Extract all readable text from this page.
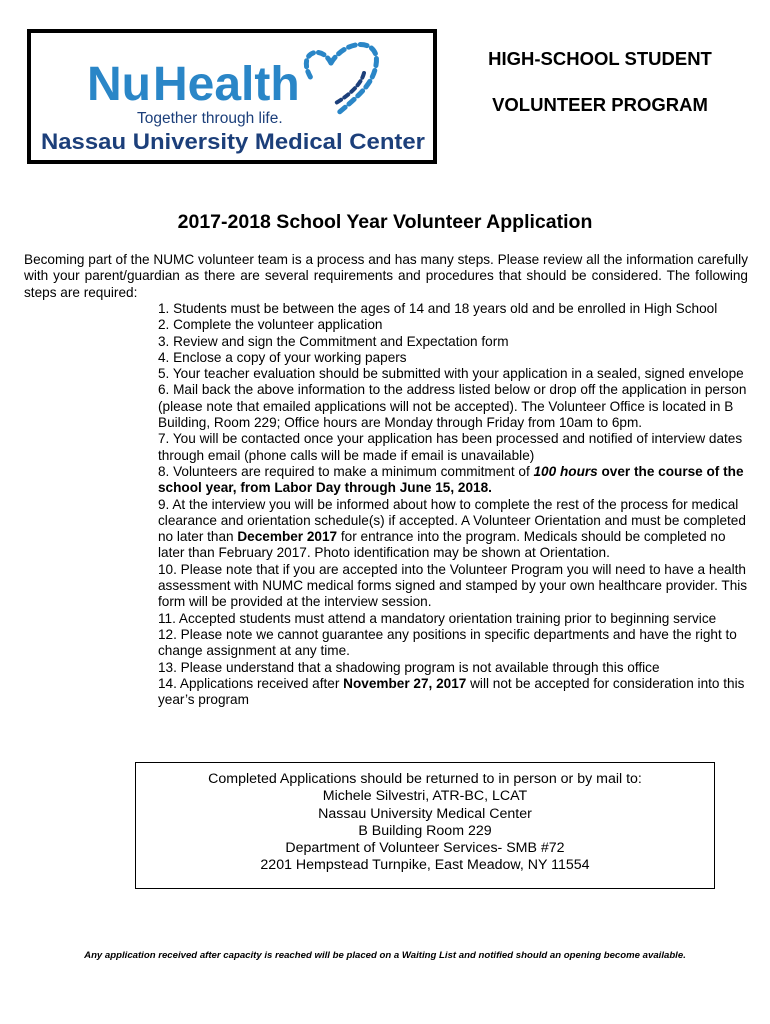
Nu Health
Together through life.
Nassau University Medical Center
HIGH-SCHOOL STUDENT
VOLUNTEER PROGRAM
2017-2018 School Year Volunteer Application
Becoming part of the NUMC volunteer team is a process and has many steps. Please review all the information carefully with your parent/guardian as there are several requirements and procedures that should be considered. The following steps are required:

1. Students must be between the ages of 14 and 18 years old and be enrolled in High School

2. Complete the volunteer application

3. Review and sign the Commitment and Expectation form

4. Enclose a copy of your working papers

5. Your teacher evaluation should be submitted with your application in a sealed, signed envelope

6. Mail back the above information to the address listed below or drop off the application in person (please note that emailed applications will not be accepted). The Volunteer Office is located in B Building, Room 229; Office hours are Monday through Friday from 10am to 6pm.

7. You will be contacted once your application has been processed and notified of interview dates through email (phone calls will be made if email is unavailable)

8. Volunteers are required to make a minimum commitment of 100 hours over the course of the school year, from Labor Day through June 15, 2018.

9. At the interview you will be informed about how to complete the rest of the process for medical clearance and orientation schedule(s) if accepted. A Volunteer Orientation and must be completed no later than December 2017 for entrance into the program. Medicals should be completed no later than February 2017. Photo identification may be shown at Orientation.

10. Please note that if you are accepted into the Volunteer Program you will need to have a health assessment with NUMC medical forms signed and stamped by your own healthcare provider. This form will be provided at the interview session.

11. Accepted students must attend a mandatory orientation training prior to beginning service

12. Please note we cannot guarantee any positions in specific departments and have the right to change assignment at any time.

13. Please understand that a shadowing program is not available through this office

14. Applications received after November 27, 2017 will not be accepted for consideration into this year’s program

Completed Applications should be returned to in person or by mail to:
Michele Silvestri, ATR-BC, LCAT
Nassau University Medical Center
B Building Room 229
Department of Volunteer Services- SMB #72
2201 Hempstead Turnpike, East Meadow, NY 11554
Any application received after capacity is reached will be placed on a Waiting List and notified should an opening become available.
